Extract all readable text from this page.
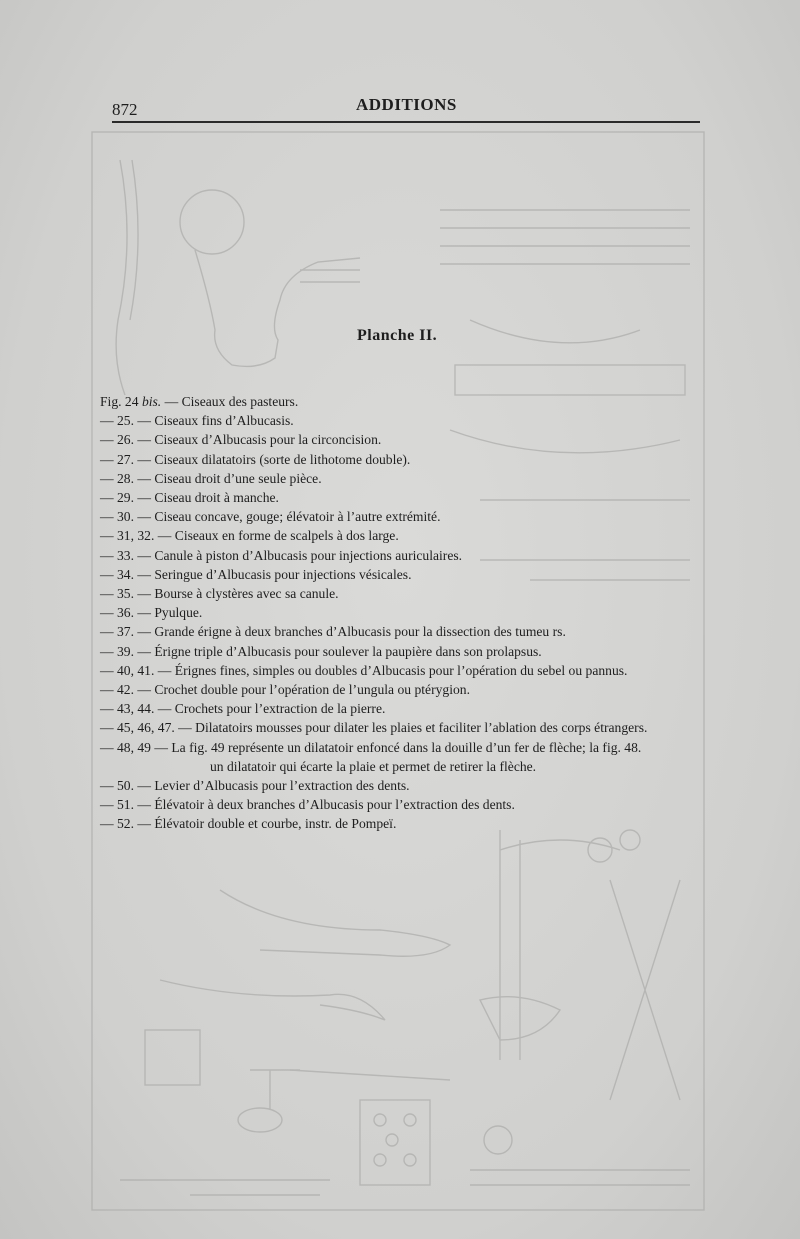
872	ADDITIONS
Planche II.
Fig. 24 bis. — Ciseaux des pasteurs.
— 25. — Ciseaux fins d’Albucasis.
— 26. — Ciseaux d’Albucasis pour la circoncision.
— 27. — Ciseaux dilatatoirs (sorte de lithotome double).
— 28. — Ciseau droit d’une seule pièce.
— 29. — Ciseau droit à manche.
— 30. — Ciseau concave, gouge; élévatoir à l’autre extrémité.
— 31, 32. — Ciseaux en forme de scalpels à dos large.
— 33. — Canule à piston d’Albucasis pour injections auriculaires.
— 34. — Seringue d’Albucasis pour injections vésicales.
— 35. — Bourse à clystères avec sa canule.
— 36. — Pyulque.
— 37. — Grande érigne à deux branches d’Albucasis pour la dissection des tumeu rs.
— 39. — Érigne triple d’Albucasis pour soulever la paupière dans son prolapsus.
— 40, 41. — Érignes fines, simples ou doubles d’Albucasis pour l’opération du sebel ou pannus.
— 42. — Crochet double pour l’opération de l’ungula ou ptérygion.
— 43, 44. — Crochets pour l’extraction de la pierre.
— 45, 46, 47. — Dilatatoirs mousses pour dilater les plaies et faciliter l’ablation des corps étrangers.
— 48, 49 — La fig. 49 représente un dilatatoir enfoncé dans la douille d’un fer de flèche; la fig. 48.
un dilatatoir qui écarte la plaie et permet de retirer la flèche.
— 50. — Levier d’Albucasis pour l’extraction des dents.
— 51. — Élévatoir à deux branches d’Albucasis pour l’extraction des dents.
— 52. — Élévatoir double et courbe, instr. de Pompeï.
